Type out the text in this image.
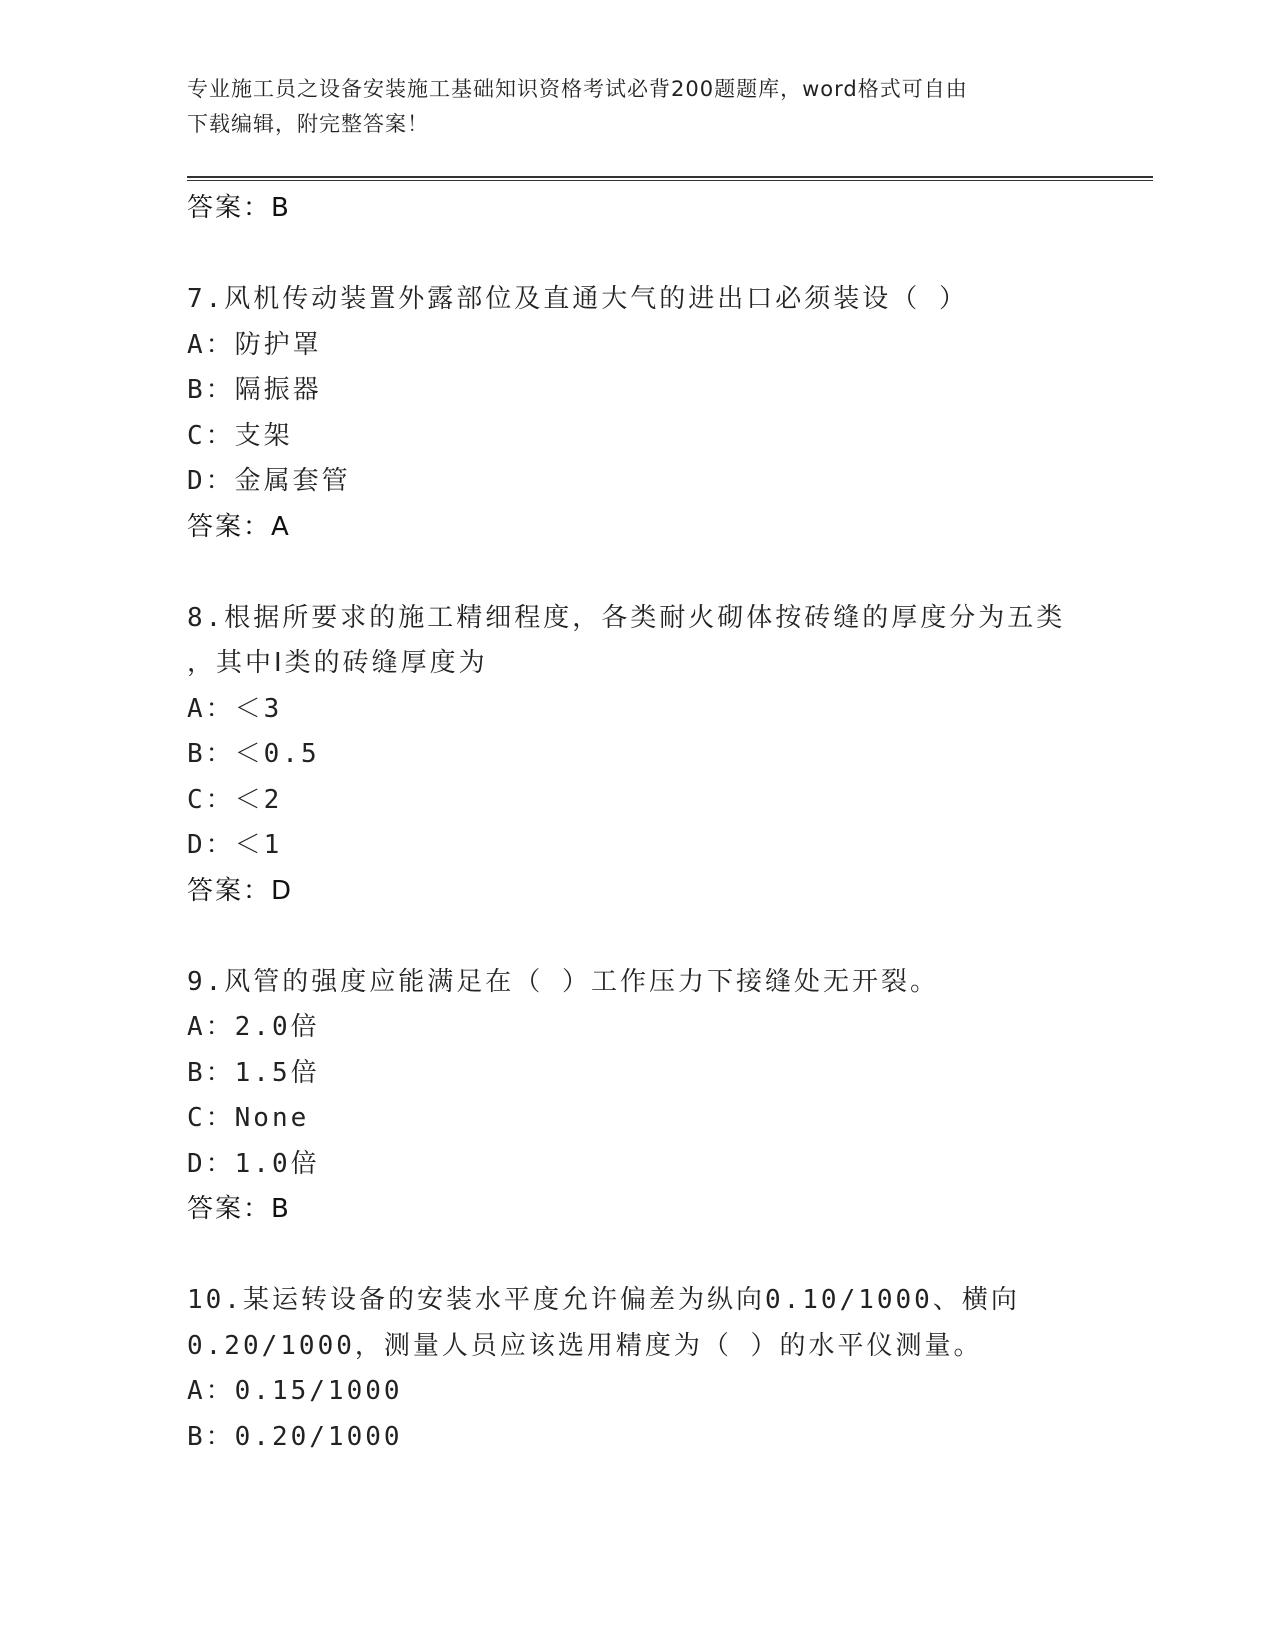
专业施工员之设备安装施工基础知识资格考试必背200题题库，word格式可自由
下载编辑，附完整答案！
答案：B
7.风机传动装置外露部位及直通大气的进出口必须装设（ ）
A：防护罩
B：隔振器
C：支架
D：金属套管
答案：A
8.根据所要求的施工精细程度，各类耐火砌体按砖缝的厚度分为五类
，其中Ⅰ类的砖缝厚度为
A：＜3
B：＜0.5
C：＜2
D：＜1
答案：D
9.风管的强度应能满足在（ ）工作压力下接缝处无开裂。
A：2.0倍
B：1.5倍
C：None
D：1.0倍
答案：B
10.某运转设备的安装水平度允许偏差为纵向0.10/1000、横向
0.20/1000，测量人员应该选用精度为（ ）的水平仪测量。
A：0.15/1000
B：0.20/1000
